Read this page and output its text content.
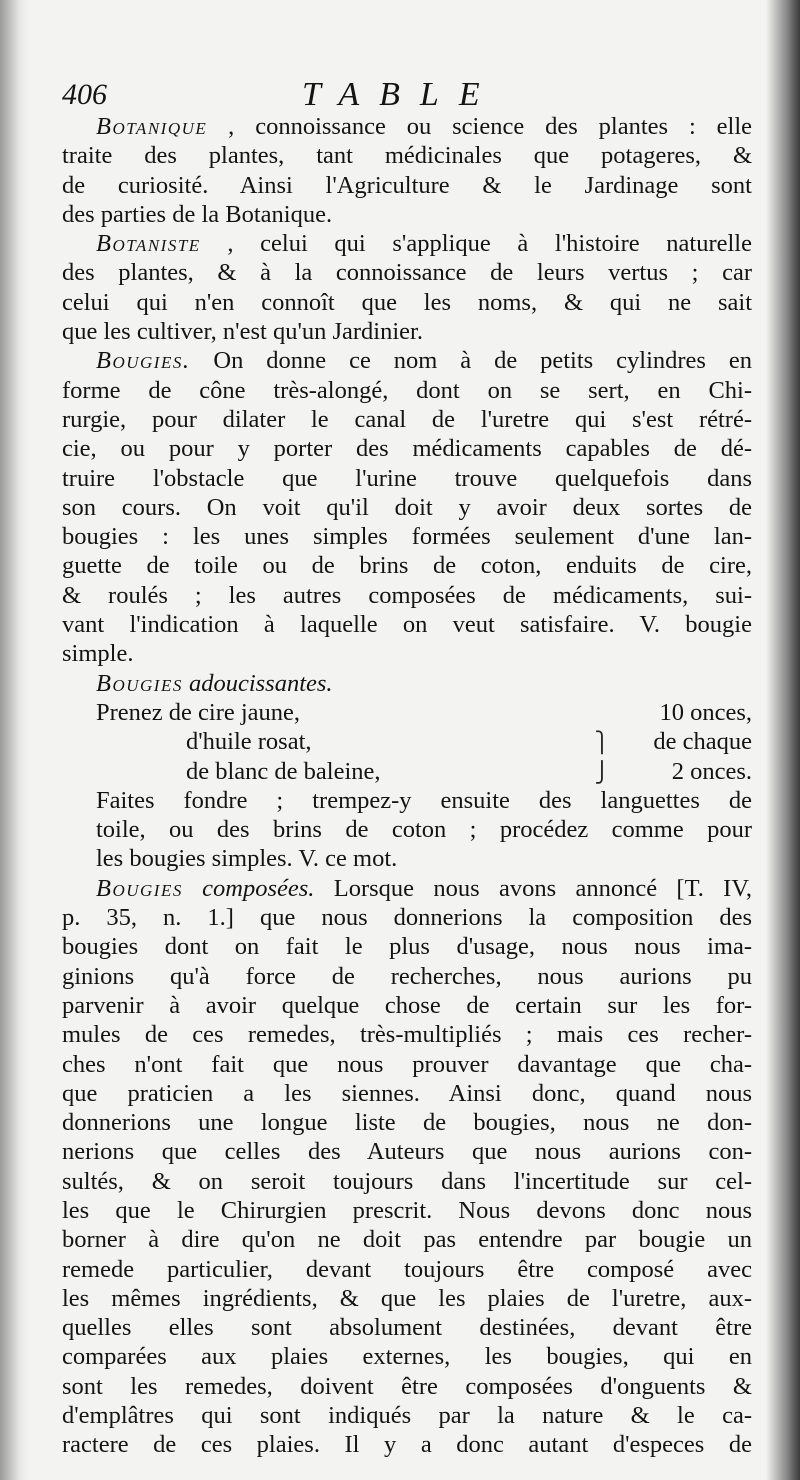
406	TABLE
Botanique , connoissance ou science des plantes : elle
traite des plantes, tant médicinales que potageres, &
de curiosité. Ainsi l'Agriculture & le Jardinage sont
des parties de la Botanique.
Botaniste , celui qui s'applique à l'histoire naturelle
des plantes, & à la connoissance de leurs vertus ; car
celui qui n'en connoît que les noms, & qui ne sait
que les cultiver, n'est qu'un Jardinier.
Bougies. On donne ce nom à de petits cylindres en
forme de cône très-alongé, dont on se sert, en Chi-
rurgie, pour dilater le canal de l'uretre qui s'est rétré-
cie, ou pour y porter des médicaments capables de dé-
truire l'obstacle que l'urine trouve quelquefois dans
son cours. On voit qu'il doit y avoir deux sortes de
bougies : les unes simples formées seulement d'une lan-
guette de toile ou de brins de coton, enduits de cire,
& roulés ; les autres composées de médicaments, sui-
vant l'indication à laquelle on veut satisfaire. V. bougie
simple.
Bougies adoucissantes.
Prenez de cire jaune,	10 onces,
d'huile rosat,	⎫	de chaque
de blanc de baleine,	⎭	2 onces.
Faites fondre ; trempez-y ensuite des languettes de
toile, ou des brins de coton ; procédez comme pour
les bougies simples. V. ce mot.
Bougies composées. Lorsque nous avons annoncé [T. IV,
p. 35, n. 1.] que nous donnerions la composition des
bougies dont on fait le plus d'usage, nous nous ima-
ginions qu'à force de recherches, nous aurions pu
parvenir à avoir quelque chose de certain sur les for-
mules de ces remedes, très-multipliés ; mais ces recher-
ches n'ont fait que nous prouver davantage que cha-
que praticien a les siennes. Ainsi donc, quand nous
donnerions une longue liste de bougies, nous ne don-
nerions que celles des Auteurs que nous aurions con-
sultés, & on seroit toujours dans l'incertitude sur cel-
les que le Chirurgien prescrit. Nous devons donc nous
borner à dire qu'on ne doit pas entendre par bougie un
remede particulier, devant toujours être composé avec
les mêmes ingrédients, & que les plaies de l'uretre, aux-
quelles elles sont absolument destinées, devant être
comparées aux plaies externes, les bougies, qui en
sont les remedes, doivent être composées d'onguents &
d'emplâtres qui sont indiqués par la nature & le ca-
ractere de ces plaies. Il y a donc autant d'especes de
